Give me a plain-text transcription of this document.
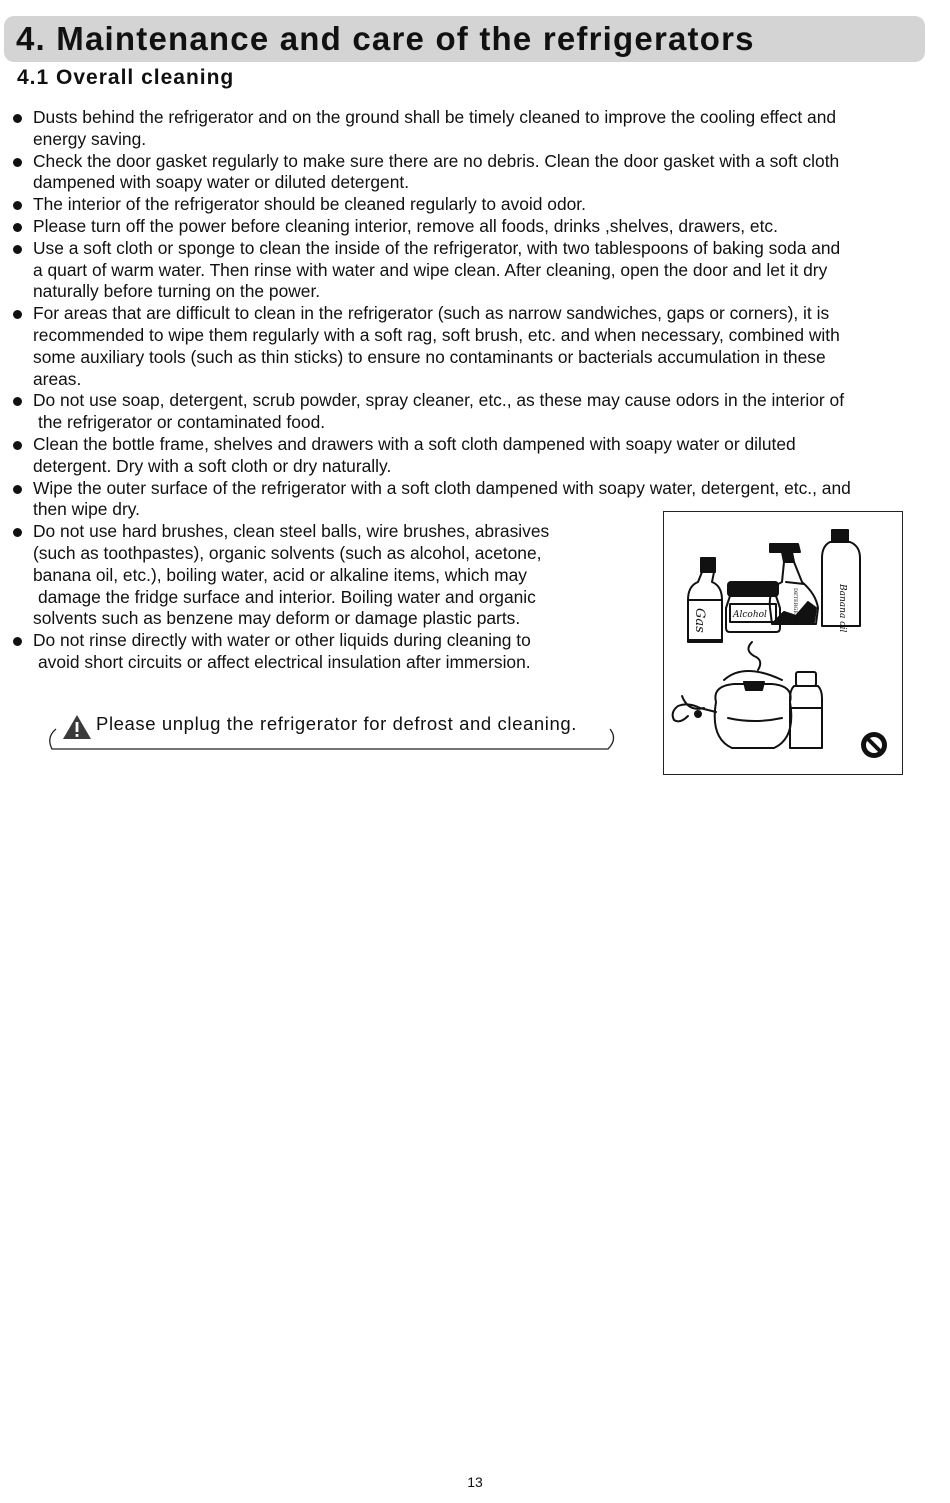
4. Maintenance and care of the refrigerators
4.1 Overall cleaning
Dusts behind the refrigerator and on the ground shall be timely cleaned to improve the cooling effect and
energy saving.
Check the door gasket regularly to make sure there are no debris. Clean the door gasket with a soft cloth
dampened with soapy water or diluted detergent.
The interior of the refrigerator should be cleaned regularly to avoid odor.
Please turn off the power before cleaning interior, remove all foods, drinks ,shelves, drawers, etc.
Use a soft cloth or sponge to clean the inside of the refrigerator, with two tablespoons of baking soda and
a quart of warm water. Then rinse with water and wipe clean. After cleaning, open the door and let it dry
naturally before turning on the power.
For areas that are difficult to clean in the refrigerator (such as narrow sandwiches, gaps or corners), it is
recommended to wipe them regularly with a soft rag, soft brush, etc. and when necessary, combined with
some auxiliary tools (such as thin sticks) to ensure no contaminants or bacterials accumulation in these
areas.
Do not use soap, detergent, scrub powder, spray cleaner, etc., as these may cause odors in the interior of
the refrigerator or contaminated food.
Clean the bottle frame, shelves and drawers with a soft cloth dampened with soapy water or diluted
detergent. Dry with a soft cloth or dry naturally.
Wipe the outer surface of the refrigerator with a soft cloth dampened with soapy water, detergent, etc., and
then wipe dry.
Do not use hard brushes, clean steel balls, wire brushes, abrasives
(such as toothpastes), organic solvents (such as alcohol, acetone,
banana oil, etc.), boiling water, acid or alkaline items, which may
damage the fridge surface and interior. Boiling water and organic
solvents such as benzene may deform or damage plastic parts.
Do not rinse directly with water or other liquids during cleaning to
avoid short circuits or affect electrical insulation after immersion.
Please unplug the refrigerator for defrost and cleaning.
Gas	Alcohol	DETERGENT	Banana oil
13
